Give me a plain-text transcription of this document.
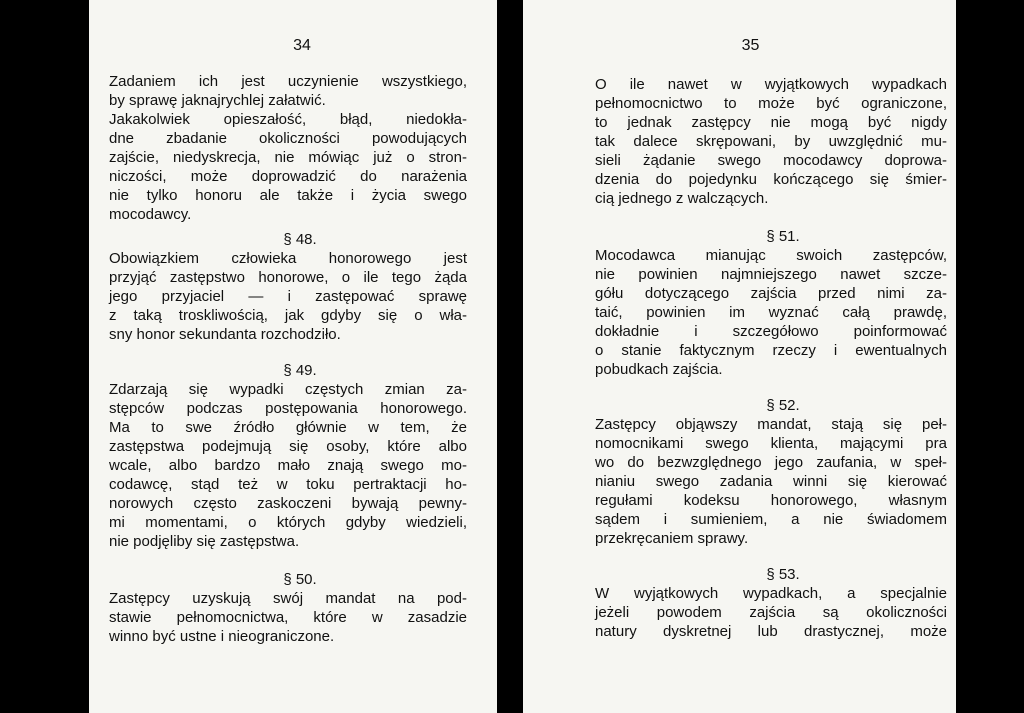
34

Zadaniem ich jest uczynienie wszystkiego,
by sprawę jaknajrychlej załatwić.
Jakakolwiek opieszałość, błąd, niedokła-
dne zbadanie okoliczności powodujących
zajście, niedyskrecja, nie mówiąc już o stron-
niczości, może doprowadzić do narażenia
nie tylko honoru ale także i życia swego
mocodawcy.

§ 48.

Obowiązkiem człowieka honorowego jest
przyjąć zastępstwo honorowe, o ile tego żąda
jego przyjaciel — i zastępować sprawę
z taką troskliwością, jak gdyby się o wła-
sny honor sekundanta rozchodziło.

§ 49.

Zdarzają się wypadki częstych zmian za-
stępców podczas postępowania honorowego.
Ma to swe źródło głównie w tem, że
zastępstwa podejmują się osoby, które albo
wcale, albo bardzo mało znają swego mo-
codawcę, stąd też w toku pertraktacji ho-
norowych często zaskoczeni bywają pewny-
mi momentami, o których gdyby wiedzieli,
nie podjęliby się zastępstwa.

§ 50.

Zastępcy uzyskują swój mandat na pod-
stawie pełnomocnictwa, które w zasadzie
winno być ustne i nieograniczone.

35

O ile nawet w wyjątkowych wypadkach
pełnomocnictwo to może być ograniczone,
to jednak zastępcy nie mogą być nigdy
tak dalece skrępowani, by uwzględnić mu-
sieli żądanie swego mocodawcy doprowa-
dzenia do pojedynku kończącego się śmier-
cią jednego z walczących.

§ 51.

Mocodawca mianując swoich zastępców,
nie powinien najmniejszego nawet szcze-
gółu dotyczącego zajścia przed nimi za-
taić, powinien im wyznać całą prawdę,
dokładnie i szczegółowo poinformować
o stanie faktycznym rzeczy i ewentualnych
pobudkach zajścia.

§ 52.

Zastępcy objąwszy mandat, stają się peł-
nomocnikami swego klienta, mającymi pra
wo do bezwzględnego jego zaufania, w speł-
nianiu swego zadania winni się kierować
regułami kodeksu honorowego, własnym
sądem i sumieniem, a nie świadomem
przekręcaniem sprawy.

§ 53.

W wyjątkowych wypadkach, a specjalnie
jeżeli powodem zajścia są okoliczności
natury dyskretnej lub drastycznej, może
